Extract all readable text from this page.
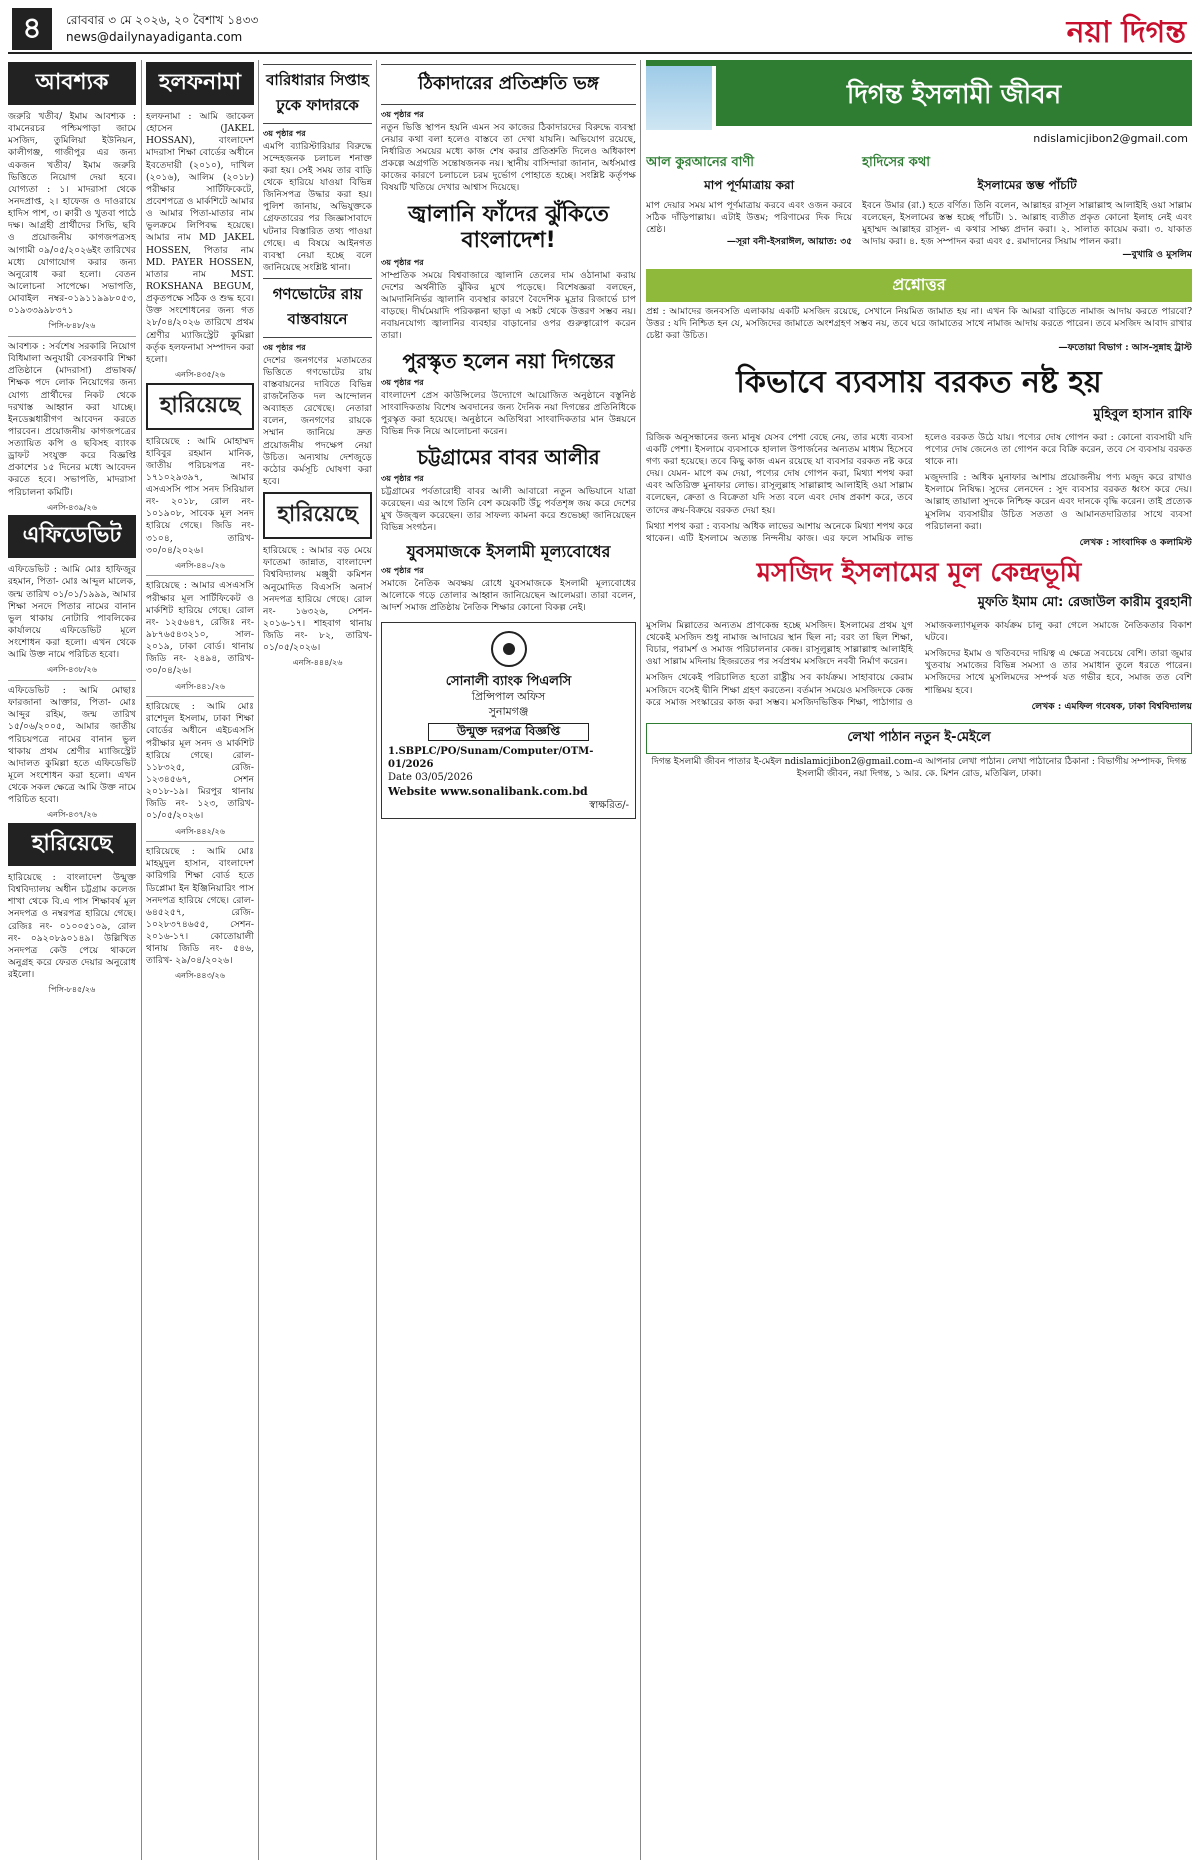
৪	রোববার ৩ মে ২০২৬, ২০ বৈশাখ ১৪৩৩
news@dailynayadiganta.com	নয়া দিগন্ত
আবশ্যক

জরুরি খতীব/ ইমাম আবশ্যক : বামনেরচর পশ্চিমপাড়া জামে মসজিদ, তুমিলিয়া ইউনিয়ন, কালীগঞ্জ, গাজীপুর এর জন্য একজন খতীব/ ইমাম জরুরি ভিত্তিতে নিয়োগ দেয়া হবে। যোগ্যতা : ১। মাদরাসা থেকে সনদপ্রাপ্ত, ২। হাফেজ ও দাওরায়ে হাদিস পাশ, ৩। ক্বারী ও খুতবা পাঠে দক্ষ। আগ্রহী প্রার্থীদের সিভি, ছবি ও প্রয়োজনীয় কাগজপত্রসহ আগামী ০৯/০৫/২০২৬ইং তারিখের মধ্যে যোগাযোগ করার জন্য অনুরোধ করা হলো। বেতন আলোচনা সাপেক্ষে। সভাপতি, মোবাইল নম্বর-০১৯১১৯৯৮০৫৩, ০১৯৩৩৯৯৮৩৭১

পিসি-৮৪৮/২৬

আবশ্যক : সর্বশেষ সরকারি নিয়োগ বিধিমালা অনুযায়ী বেসরকারি শিক্ষা প্রতিষ্ঠানে (মাদরাসা) প্রভাষক/ শিক্ষক পদে লোক নিয়োগের জন্য যোগ্য প্রার্থীদের নিকট থেকে দরখাস্ত আহ্বান করা যাচ্ছে। ইনডেক্সধারীগণ আবেদন করতে পারবেন। প্রয়োজনীয় কাগজপত্রের সত্যায়িত কপি ও ছবিসহ ব্যাংক ড্রাফট সংযুক্ত করে বিজ্ঞপ্তি প্রকাশের ১৫ দিনের মধ্যে আবেদন করতে হবে। সভাপতি, মাদরাসা পরিচালনা কমিটি।

এনসি-৪৩৯/২৬

এফিডেভিট

এফিডেভিট : আমি মোঃ হাফিজুর রহমান, পিতা- মোঃ আব্দুল মালেক, জন্ম তারিখ ০১/০১/১৯৯৯, আমার শিক্ষা সনদে পিতার নামের বানান ভুল থাকায় নোটারি পাবলিকের কার্যালয়ে এফিডেভিট মূলে সংশোধন করা হলো। এখন থেকে আমি উক্ত নামে পরিচিত হবো।

এনসি-৪৩৮/২৬

এফিডেভিট : আমি মোছাঃ ফারজানা আক্তার, পিতা- মোঃ আব্দুর রহিম, জন্ম তারিখ ১৫/০৬/২০০৫, আমার জাতীয় পরিচয়পত্রে নামের বানান ভুল থাকায় প্রথম শ্রেণীর ম্যাজিস্ট্রেট আদালত কুমিল্লা হতে এফিডেভিট মূলে সংশোধন করা হলো। এখন থেকে সকল ক্ষেত্রে আমি উক্ত নামে পরিচিত হবো।

এনসি-৪৩৭/২৬

হারিয়েছে

হারিয়েছে : বাংলাদেশ উন্মুক্ত বিশ্ববিদ্যালয় অধীন চট্টগ্রাম কলেজ শাখা থেকে বি.এ পাস শিক্ষাবর্ষ মূল সনদপত্র ও নম্বরপত্র হারিয়ে গেছে। রেজিঃ নং- ০১০০৫১০৯, রোল নং- ০৯২০৮৯০১৪৯। উল্লিখিত সনদপত্র কেউ পেয়ে থাকলে অনুগ্রহ করে ফেরত দেয়ার অনুরোধ রইলো।

পিসি-৮৪৫/২৬

হলফনামা

হলফনামা : আমি জাকেল হোসেন (JAKEL HOSSAN), বাংলাদেশ মাদরাসা শিক্ষা বোর্ডের অধীনে ইবতেদায়ী (২০১০), দাখিল (২০১৬), আলিম (২০১৮) পরীক্ষার সার্টিফিকেটে, প্রবেশপত্রে ও মার্কশিটে আমার ও আমার পিতা-মাতার নাম ভুলক্রমে লিপিবদ্ধ হয়েছে। আমার নাম MD JAKEL HOSSEN, পিতার নাম MD. PAYER HOSSEN, মাতার নাম MST. ROKSHANA BEGUM, প্রকৃতপক্ষে সঠিক ও শুদ্ধ হবে। উক্ত সংশোধনের জন্য গত ২৮/০৪/২০২৬ তারিখে প্রথম শ্রেণীর ম্যাজিস্ট্রেট কুমিল্লা কর্তৃক হলফনামা সম্পাদন করা হলো।

এনসি-৪৩৫/২৬

হারিয়েছে

হারিয়েছে : আমি মোহাম্মদ হাবিবুর রহমান মানিক, জাতীয় পরিচয়পত্র নং- ১৭১০২৯৩৯৭, আমার এসএসসি পাস সনদ সিরিয়াল নং- ২০১৮, রোল নং- ১০১৯০৮, সাবেক মূল সনদ হারিয়ে গেছে। জিডি নং- ৩১০৪, তারিখ- ৩০/০৪/২০২৬।

এনসি-৪৪০/২৬

হারিয়েছে : আমার এসএসসি পরীক্ষার মূল সার্টিফিকেট ও মার্কশিট হারিয়ে গেছে। রোল নং- ১২৫৬৪৭, রেজিঃ নং- ৯৮৭৬৫৪৩২১০, সাল- ২০১৯, ঢাকা বোর্ড। থানায় জিডি নং- ২৪৯৪, তারিখ- ৩০/০৪/২৬।

এনসি-৪৪১/২৬

হারিয়েছে : আমি মোঃ রাশেদুল ইসলাম, ঢাকা শিক্ষা বোর্ডের অধীনে এইচএসসি পরীক্ষার মূল সনদ ও মার্কশিট হারিয়ে গেছে। রোল- ১১৮৩২৫, রেজি- ১২৩৪৫৬৭, সেশন ২০১৮-১৯। মিরপুর থানায় জিডি নং- ১২৩, তারিখ- ০১/০৫/২০২৬।

এনসি-৪৪২/২৬

হারিয়েছে : আমি মোঃ মাহমুদুল হাসান, বাংলাদেশ কারিগরি শিক্ষা বোর্ড হতে ডিপ্লোমা ইন ইঞ্জিনিয়ারিং পাস সনদপত্র হারিয়ে গেছে। রোল- ৬৪৫২৫৭, রেজি- ১০২৮৩৭৪৬৫৫, সেশন- ২০১৬-১৭। কোতোয়ালী থানায় জিডি নং- ৫৪৬, তারিখ- ২৯/০৪/২০২৬।

এনসি-৪৪৩/২৬

বারিধারার সিপ্তাহ ঢুকে ফাদারকে
৩য় পৃষ্ঠার পর

এমপি ব্যারিস্টারিয়ার বিরুদ্ধে সন্দেহজনক চলাচল শনাক্ত করা হয়। সেই সময় তার বাড়ি থেকে হারিয়ে যাওয়া বিভিন্ন জিনিসপত্র উদ্ধার করা হয়। পুলিশ জানায়, অভিযুক্তকে গ্রেফতারের পর জিজ্ঞাসাবাদে ঘটনার বিস্তারিত তথ্য পাওয়া গেছে। এ বিষয়ে আইনগত ব্যবস্থা নেয়া হচ্ছে বলে জানিয়েছে সংশ্লিষ্ট থানা।

গণভোটের রায় বাস্তবায়নে
৩য় পৃষ্ঠার পর

দেশের জনগণের মতামতের ভিত্তিতে গণভোটের রায় বাস্তবায়নের দাবিতে বিভিন্ন রাজনৈতিক দল আন্দোলন অব্যাহত রেখেছে। নেতারা বলেন, জনগণের রায়কে সম্মান জানিয়ে দ্রুত প্রয়োজনীয় পদক্ষেপ নেয়া উচিত। অন্যথায় দেশজুড়ে কঠোর কর্মসূচি ঘোষণা করা হবে।

হারিয়েছে

হারিয়েছে : আমার বড় মেয়ে ফাতেমা জান্নাত, বাংলাদেশ বিশ্ববিদ্যালয় মঞ্জুরী কমিশন অনুমোদিত বিএসসি অনার্স সনদপত্র হারিয়ে গেছে। রোল নং- ১৬৩২৬, সেশন- ২০১৬-১৭। শাহবাগ থানায় জিডি নং- ৮২, তারিখ- ০১/০৫/২০২৬।

এনসি-৪৪৪/২৬

ঠিকাদারের প্রতিশ্রুতি ভঙ্গ
৩য় পৃষ্ঠার পর

নতুন ভিত্তি স্থাপন হয়নি এমন সব কাজের ঠিকাদারদের বিরুদ্ধে ব্যবস্থা নেয়ার কথা বলা হলেও বাস্তবে তা দেখা যায়নি। অভিযোগ রয়েছে, নির্ধারিত সময়ের মধ্যে কাজ শেষ করার প্রতিশ্রুতি দিলেও অধিকাংশ প্রকল্পে অগ্রগতি সন্তোষজনক নয়। স্থানীয় বাসিন্দারা জানান, অর্ধসমাপ্ত কাজের কারণে চলাচলে চরম দুর্ভোগ পোহাতে হচ্ছে। সংশ্লিষ্ট কর্তৃপক্ষ বিষয়টি খতিয়ে দেখার আশ্বাস দিয়েছে।

জ্বালানি ফাঁদের ঝুঁকিতে বাংলাদেশ!
৩য় পৃষ্ঠার পর

সাম্প্রতিক সময়ে বিশ্ববাজারে জ্বালানি তেলের দাম ওঠানামা করায় দেশের অর্থনীতি ঝুঁকির মুখে পড়েছে। বিশেষজ্ঞরা বলছেন, আমদানিনির্ভর জ্বালানি ব্যবস্থার কারণে বৈদেশিক মুদ্রার রিজার্ভে চাপ বাড়ছে। দীর্ঘমেয়াদি পরিকল্পনা ছাড়া এ সঙ্কট থেকে উত্তরণ সম্ভব নয়। নবায়নযোগ্য জ্বালানির ব্যবহার বাড়ানোর ওপর গুরুত্বারোপ করেন তারা।

পুরস্কৃত হলেন নয়া দিগন্তের
৩য় পৃষ্ঠার পর

বাংলাদেশ প্রেস কাউন্সিলের উদ্যোগে আয়োজিত অনুষ্ঠানে বস্তুনিষ্ঠ সাংবাদিকতায় বিশেষ অবদানের জন্য দৈনিক নয়া দিগন্তের প্রতিনিধিকে পুরস্কৃত করা হয়েছে। অনুষ্ঠানে অতিথিরা সাংবাদিকতার মান উন্নয়নে বিভিন্ন দিক নিয়ে আলোচনা করেন।

চট্টগ্রামের বাবর আলীর
৩য় পৃষ্ঠার পর

চট্টগ্রামের পর্বতারোহী বাবর আলী আবারো নতুন অভিযানে যাত্রা করেছেন। এর আগে তিনি বেশ কয়েকটি উঁচু পর্বতশৃঙ্গ জয় করে দেশের মুখ উজ্জ্বল করেছেন। তার সাফল্য কামনা করে শুভেচ্ছা জানিয়েছেন বিভিন্ন সংগঠন।

যুবসমাজকে ইসলামী মূল্যবোধের
৩য় পৃষ্ঠার পর

সমাজে নৈতিক অবক্ষয় রোধে যুবসমাজকে ইসলামী মূল্যবোধের আলোকে গড়ে তোলার আহ্বান জানিয়েছেন আলেমরা। তারা বলেন, আদর্শ সমাজ প্রতিষ্ঠায় নৈতিক শিক্ষার কোনো বিকল্প নেই।

সোনালী ব্যাংক পিএলসি
প্রিন্সিপাল অফিস
সুনামগঞ্জ
উন্মুক্ত দরপত্র বিজ্ঞপ্তি
1.SBPLC/PO/Sunam/Computer/OTM-01/2026
Date 03/05/2026
Website www.sonalibank.com.bd
স্বাক্ষরিত/-
দিগন্ত ইসলামী জীবন
ndislamicjibon2@gmail.com
আল কুরআনের বাণী
মাপ পূর্ণমাত্রায় করা

মাপ দেয়ার সময় মাপ পূর্ণমাত্রায় করবে এবং ওজন করবে সঠিক দাঁড়িপাল্লায়। এটাই উত্তম; পরিণামের দিক দিয়ে শ্রেষ্ঠ।

—সূরা বনী-ইসরাঈল, আয়াত: ৩৫

হাদিসের কথা
ইসলামের স্তম্ভ পাঁচটি

ইবনে উমার (রা.) হতে বর্ণিত। তিনি বলেন, আল্লাহর রাসূল সাল্লাল্লাহু আলাইহি ওয়া সাল্লাম বলেছেন, ইসলামের স্তম্ভ হচ্ছে পাঁচটি। ১. আল্লাহ ব্যতীত প্রকৃত কোনো ইলাহ নেই এবং মুহাম্মদ আল্লাহর রাসূল- এ কথার সাক্ষ্য প্রদান করা। ২. সালাত কায়েম করা। ৩. যাকাত আদায় করা। ৪. হজ সম্পাদন করা এবং ৫. রমাদানের সিয়াম পালন করা।

—বুখারি ও মুসলিম

প্রশ্নোত্তর

প্রশ্ন : আমাদের জনবসতি এলাকায় একটি মসজিদ রয়েছে, সেখানে নিয়মিত জামাত হয় না। এখন কি আমরা বাড়িতে নামাজ আদায় করতে পারবো? উত্তর : যদি নিশ্চিত হন যে, মসজিদের জামাতে অংশগ্রহণ সম্ভব নয়, তবে ঘরে জামাতের সাথে নামাজ আদায় করতে পারেন। তবে মসজিদ আবাদ রাখার চেষ্টা করা উচিত।

—ফতোয়া বিভাগ : আস-সুন্নাহ ট্রাস্ট

কিভাবে ব্যবসায় বরকত নষ্ট হয়
মুহিবুল হাসান রাফি

রিজিক অনুসন্ধানের জন্য মানুষ যেসব পেশা বেছে নেয়, তার মধ্যে ব্যবসা একটি পেশা। ইসলামে ব্যবসাকে হালাল উপার্জনের অন্যতম মাধ্যম হিসেবে গণ্য করা হয়েছে। তবে কিছু কাজ এমন রয়েছে যা ব্যবসার বরকত নষ্ট করে দেয়। যেমন- মাপে কম দেয়া, পণ্যের দোষ গোপন করা, মিথ্যা শপথ করা এবং অতিরিক্ত মুনাফার লোভ। রাসূলুল্লাহ সাল্লাল্লাহু আলাইহি ওয়া সাল্লাম বলেছেন, ক্রেতা ও বিক্রেতা যদি সত্য বলে এবং দোষ প্রকাশ করে, তবে তাদের ক্রয়-বিক্রয়ে বরকত দেয়া হয়।

মিথ্যা শপথ করা : ব্যবসায় অধিক লাভের আশায় অনেকে মিথ্যা শপথ করে থাকেন। এটি ইসলামে অত্যন্ত নিন্দনীয় কাজ। এর ফলে সাময়িক লাভ হলেও বরকত উঠে যায়। পণ্যের দোষ গোপন করা : কোনো ব্যবসায়ী যদি পণ্যের দোষ জেনেও তা গোপন করে বিক্রি করেন, তবে সে ব্যবসায় বরকত থাকে না।

মজুদদারি : অধিক মুনাফার আশায় প্রয়োজনীয় পণ্য মজুদ করে রাখাও ইসলামে নিষিদ্ধ। সুদের লেনদেন : সুদ ব্যবসার বরকত ধ্বংস করে দেয়। আল্লাহ তায়ালা সুদকে নিশ্চিহ্ন করেন এবং দানকে বৃদ্ধি করেন। তাই প্রত্যেক মুসলিম ব্যবসায়ীর উচিত সততা ও আমানতদারিতার সাথে ব্যবসা পরিচালনা করা।

লেখক : সাংবাদিক ও কলামিস্ট

মসজিদ ইসলামের মূল কেন্দ্রভূমি
মুফতি ইমাম মো: রেজাউল কারীম বুরহানী

মুসলিম মিল্লাতের অন্যতম প্রাণকেন্দ্র হচ্ছে মসজিদ। ইসলামের প্রথম যুগ থেকেই মসজিদ শুধু নামাজ আদায়ের স্থান ছিল না; বরং তা ছিল শিক্ষা, বিচার, পরামর্শ ও সমাজ পরিচালনার কেন্দ্র। রাসূলুল্লাহ সাল্লাল্লাহু আলাইহি ওয়া সাল্লাম মদিনায় হিজরতের পর সর্বপ্রথম মসজিদে নববী নির্মাণ করেন।

মসজিদ থেকেই পরিচালিত হতো রাষ্ট্রীয় সব কার্যক্রম। সাহাবায়ে কেরাম মসজিদে বসেই দ্বীনি শিক্ষা গ্রহণ করতেন। বর্তমান সময়েও মসজিদকে কেন্দ্র করে সমাজ সংস্কারের কাজ করা সম্ভব। মসজিদভিত্তিক শিক্ষা, পাঠাগার ও সমাজকল্যাণমূলক কার্যক্রম চালু করা গেলে সমাজে নৈতিকতার বিকাশ ঘটবে।

মসজিদের ইমাম ও খতিবদের দায়িত্ব এ ক্ষেত্রে সবচেয়ে বেশি। তারা জুমার খুতবায় সমাজের বিভিন্ন সমস্যা ও তার সমাধান তুলে ধরতে পারেন। মসজিদের সাথে মুসলিমদের সম্পর্ক যত গভীর হবে, সমাজ তত বেশি শান্তিময় হবে।

লেখক : এমফিল গবেষক, ঢাকা বিশ্ববিদ্যালয়

লেখা পাঠান নতুন ই-মেইলে

দিগন্ত ইসলামী জীবন পাতার ই-মেইল ndislamicjibon2@gmail.com-এ আপনার লেখা পাঠান। লেখা পাঠানোর ঠিকানা : বিভাগীয় সম্পাদক, দিগন্ত ইসলামী জীবন, নয়া দিগন্ত, ১ আর. কে. মিশন রোড, মতিঝিল, ঢাকা।
